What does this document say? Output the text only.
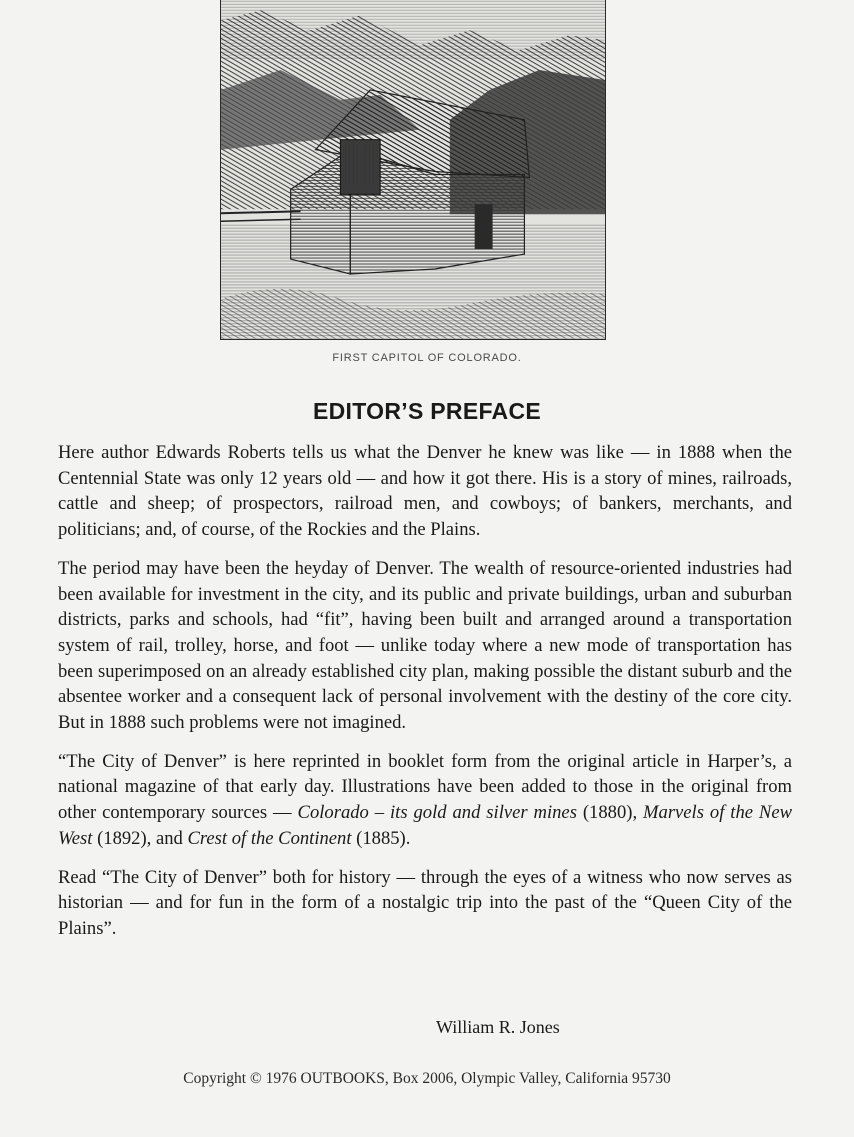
FIRST CAPITOL OF COLORADO.
EDITOR’S PREFACE

Here author Edwards Roberts tells us what the Denver he knew was like — in 1888 when the Centennial State was only 12 years old — and how it got there. His is a story of mines, railroads, cattle and sheep; of prospectors, railroad men, and cowboys; of bankers, merchants, and politicians; and, of course, of the Rockies and the Plains.

The period may have been the heyday of Denver. The wealth of resource-oriented industries had been available for investment in the city, and its public and private buildings, urban and suburban districts, parks and schools, had “fit”, having been built and arranged around a transportation system of rail, trolley, horse, and foot — unlike today where a new mode of transportation has been superimposed on an already established city plan, making possible the distant suburb and the absentee worker and a consequent lack of personal involvement with the destiny of the core city. But in 1888 such problems were not imagined.

“The City of Denver” is here reprinted in booklet form from the original article in Harper’s, a national magazine of that early day. Illustrations have been added to those in the original from other contemporary sources — Colorado – its gold and silver mines (1880), Marvels of the New West (1892), and Crest of the Continent (1885).

Read “The City of Denver” both for history — through the eyes of a witness who now serves as historian — and for fun in the form of a nostalgic trip into the past of the “Queen City of the Plains”.

William R. Jones
Copyright © 1976 OUTBOOKS, Box 2006, Olympic Valley, California 95730
